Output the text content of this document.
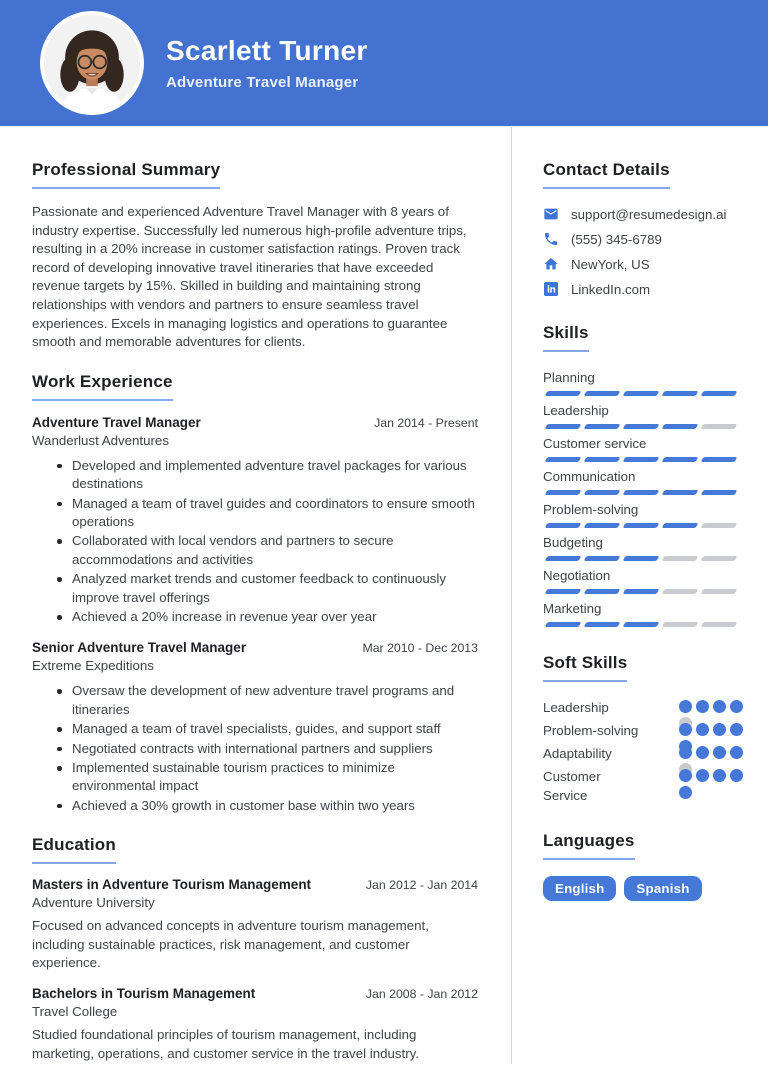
Scarlett Turner
Adventure Travel Manager
Professional Summary

Passionate and experienced Adventure Travel Manager with 8 years of industry expertise. Successfully led numerous high-profile adventure trips, resulting in a 20% increase in customer satisfaction ratings. Proven track record of developing innovative travel itineraries that have exceeded revenue targets by 15%. Skilled in building and maintaining strong relationships with vendors and partners to ensure seamless travel experiences. Excels in managing logistics and operations to guarantee smooth and memorable adventures for clients.

Work Experience
Adventure Travel Manager	Jan 2014 - Present
Wanderlust Adventures
Developed and implemented adventure travel packages for various destinations
Managed a team of travel guides and coordinators to ensure smooth operations
Collaborated with local vendors and partners to secure accommodations and activities
Analyzed market trends and customer feedback to continuously improve travel offerings
Achieved a 20% increase in revenue year over year
Senior Adventure Travel Manager	Mar 2010 - Dec 2013
Extreme Expeditions
Oversaw the development of new adventure travel programs and itineraries
Managed a team of travel specialists, guides, and support staff
Negotiated contracts with international partners and suppliers
Implemented sustainable tourism practices to minimize environmental impact
Achieved a 30% growth in customer base within two years
Education
Masters in Adventure Tourism Management	Jan 2012 - Jan 2014
Adventure University

Focused on advanced concepts in adventure tourism management, including sustainable practices, risk management, and customer experience.

Bachelors in Tourism Management	Jan 2008 - Jan 2012
Travel College

Studied foundational principles of tourism management, including marketing, operations, and customer service in the travel industry.

Contact Details
support@resumedesign.ai
(555) 345-6789
NewYork, US
LinkedIn.com
Skills
Planning
Leadership
Customer service
Communication
Problem-solving
Budgeting
Negotiation
Marketing
Soft Skills
Leadership
Problem-solving
Adaptability
Customer Service
Languages
English	Spanish
